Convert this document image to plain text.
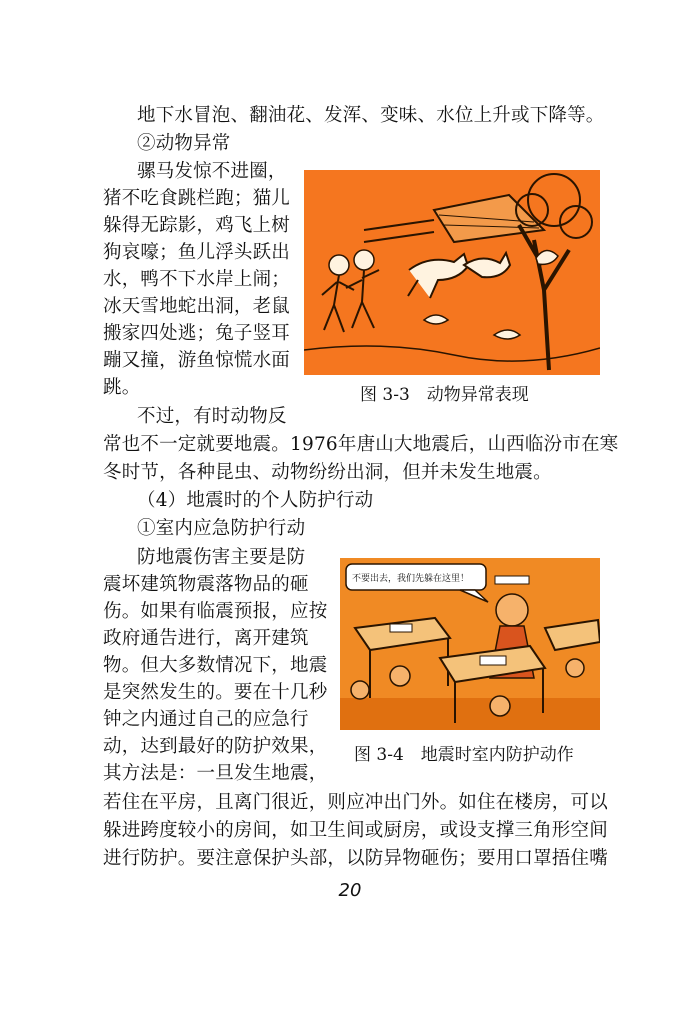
地下水冒泡、翻油花、发浑、变味、水位上升或下降等。
②动物异常
骡马发惊不进圈，
猪不吃食跳栏跑；猫儿
躲得无踪影，鸡飞上树
狗哀嚎；鱼儿浮头跃出
水，鸭不下水岸上闹；
冰天雪地蛇出洞，老鼠
搬家四处逃；兔子竖耳
蹦又撞，游鱼惊慌水面
跳。
不过，有时动物反
常也不一定就要地震。1976年唐山大地震后，山西临汾市在寒
冬时节，各种昆虫、动物纷纷出洞，但并未发生地震。
（4）地震时的个人防护行动
①室内应急防护行动
防地震伤害主要是防
震坏建筑物震落物品的砸
伤。如果有临震预报，应按
政府通告进行，离开建筑
物。但大多数情况下，地震
是突然发生的。要在十几秒
钟之内通过自己的应急行
动，达到最好的防护效果，
其方法是：一旦发生地震，
若住在平房，且离门很近，则应冲出门外。如住在楼房，可以
躲进跨度较小的房间，如卫生间或厨房，或设支撑三角形空间
进行防护。要注意保护头部，以防异物砸伤；要用口罩捂住嘴
图 3-3　动物异常表现
不要出去，我们先躲在这里！
图 3-4　地震时室内防护动作
20
